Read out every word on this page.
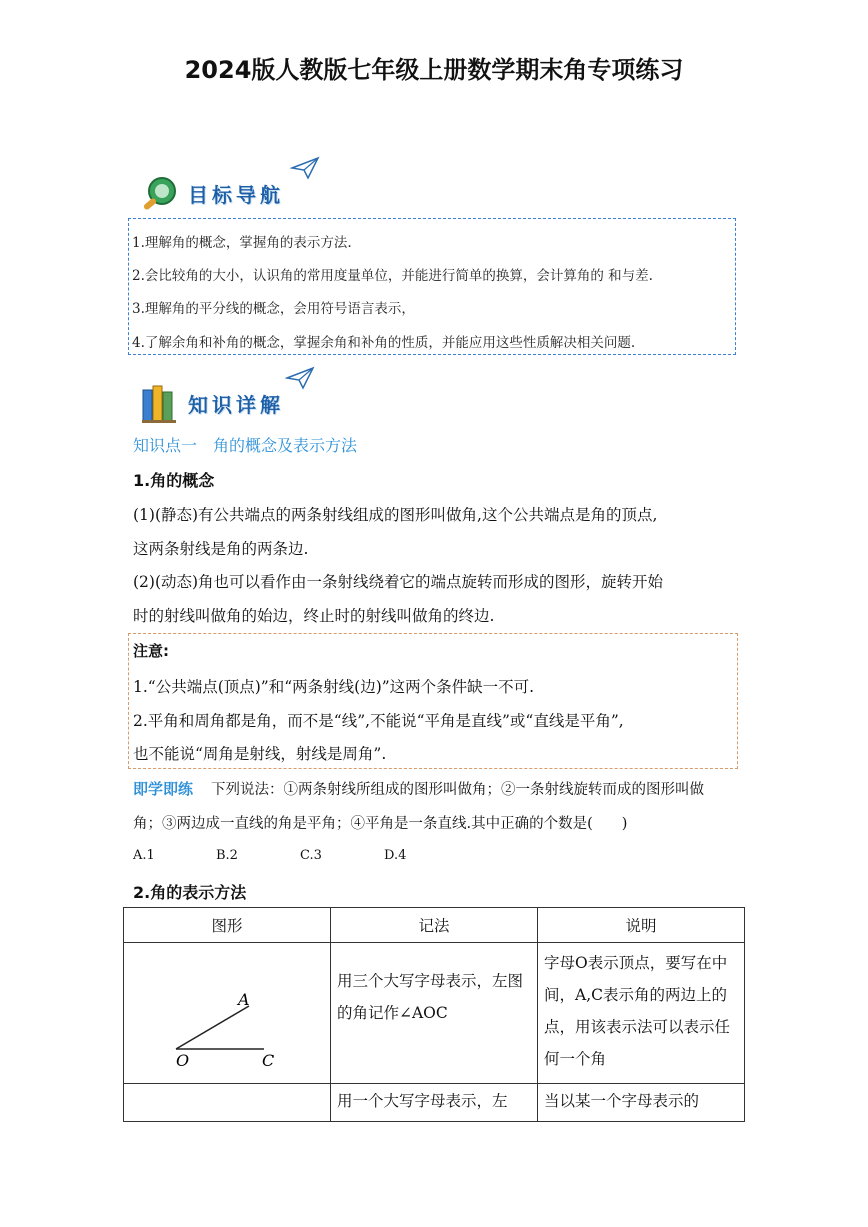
2024版人教版七年级上册数学期末角专项练习
目标导航
1.理解角的概念，掌握角的表示方法.
2.会比较角的大小，认识角的常用度量单位，并能进行简单的换算，会计算角的 和与差.
3.理解角的平分线的概念，会用符号语言表示，
4.了解余角和补角的概念，掌握余角和补角的性质，并能应用这些性质解决相关问题.
知识详解
知识点一　角的概念及表示方法
1.角的概念
(1)(静态)有公共端点的两条射线组成的图形叫做角,这个公共端点是角的顶点,
这两条射线是角的两条边.
(2)(动态)角也可以看作由一条射线绕着它的端点旋转而形成的图形，旋转开始
时的射线叫做角的始边，终止时的射线叫做角的终边.
注意:
1.“公共端点(顶点)”和“两条射线(边)”这两个条件缺一不可.
2.平角和周角都是角，而不是“线”,不能说“平角是直线”或“直线是平角”,
也不能说“周角是射线，射线是周角”.
即学即练 下列说法：①两条射线所组成的图形叫做角；②一条射线旋转而成的图形叫做
角；③两边成一直线的角是平角；④平角是一条直线.其中正确的个数是(　　)
A.1	B.2	C.3	D.4
2.角的表示方法
图形	记法	说明

A
O C	用三个大写字母表示，左图的角记作∠AOC	字母O表示顶点，要写在中间，A,C表示角的两边上的点，用该表示法可以表示任何一个角

	用一个大写字母表示，左	当以某一个字母表示的
